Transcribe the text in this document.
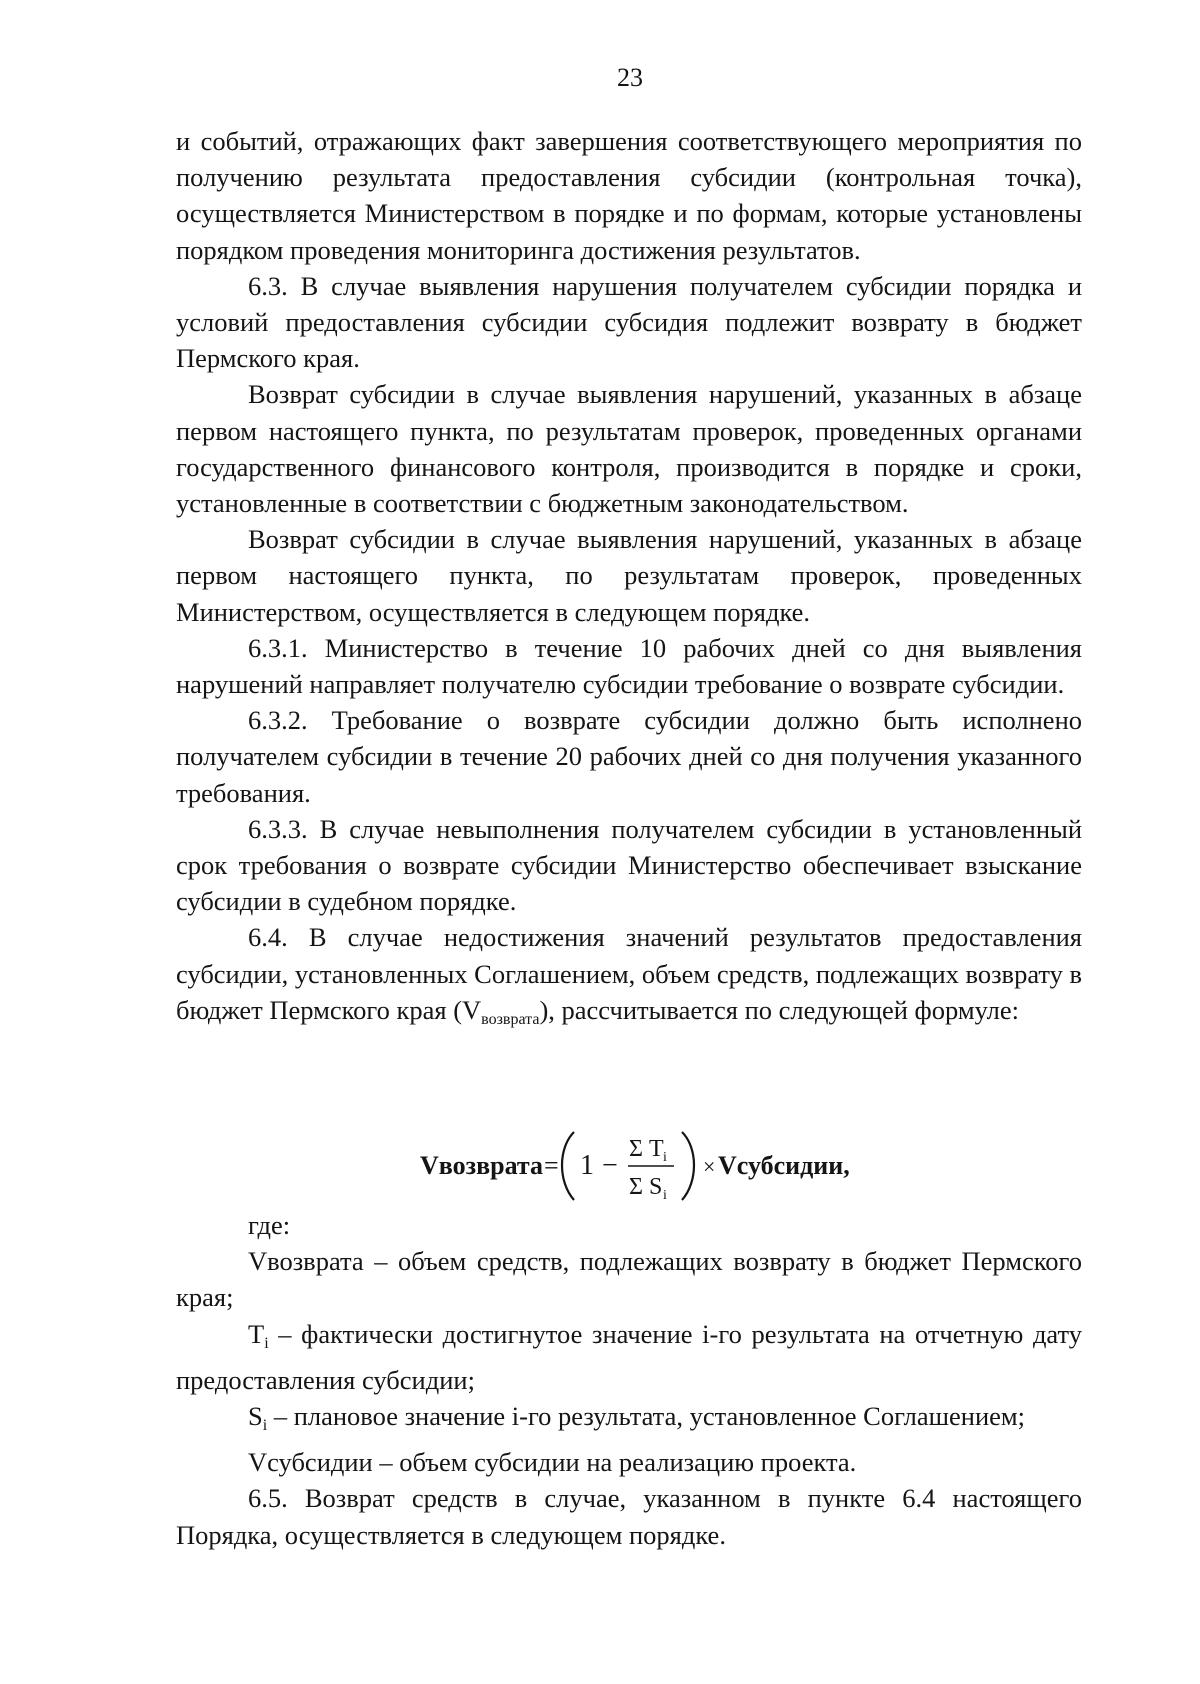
23

и событий, отражающих факт завершения соответствующего мероприятия по получению результата предоставления субсидии (контрольная точка), осуществляется Министерством в порядке и по формам, которые установлены порядком проведения мониторинга достижения результатов.

6.3. В случае выявления нарушения получателем субсидии порядка и условий предоставления субсидии субсидия подлежит возврату в бюджет Пермского края.

Возврат субсидии в случае выявления нарушений, указанных в абзаце первом настоящего пункта, по результатам проверок, проведенных органами государственного финансового контроля, производится в порядке и сроки, установленные в соответствии с бюджетным законодательством.

Возврат субсидии в случае выявления нарушений, указанных в абзаце первом настоящего пункта, по результатам проверок, проведенных Министерством, осуществляется в следующем порядке.

6.3.1. Министерство в течение 10 рабочих дней со дня выявления нарушений направляет получателю субсидии требование о возврате субсидии.

6.3.2. Требование о возврате субсидии должно быть исполнено получателем субсидии в течение 20 рабочих дней со дня получения указанного требования.

6.3.3. В случае невыполнения получателем субсидии в установленный срок требования о возврате субсидии Министерство обеспечивает взыскание субсидии в судебном порядке.

6.4. В случае недостижения значений результатов предоставления субсидии, установленных Соглашением, объем средств, подлежащих возврату в бюджет Пермского края $(V_{возврата})$, рассчитывается по следующей формуле:

Vвозврата = 1 −
Σ T i
Σ S i
× Vсубсидии,

где:

Vвозврата – объем средств, подлежащих возврату в бюджет Пермского края;

$T_i$ – фактически достигнутое значение i-го результата на отчетную дату предоставления субсидии;

$S_i$ – плановое значение i-го результата, установленное Соглашением;

Vсубсидии – объем субсидии на реализацию проекта.

6.5. Возврат средств в случае, указанном в пункте 6.4 настоящего Порядка, осуществляется в следующем порядке.
